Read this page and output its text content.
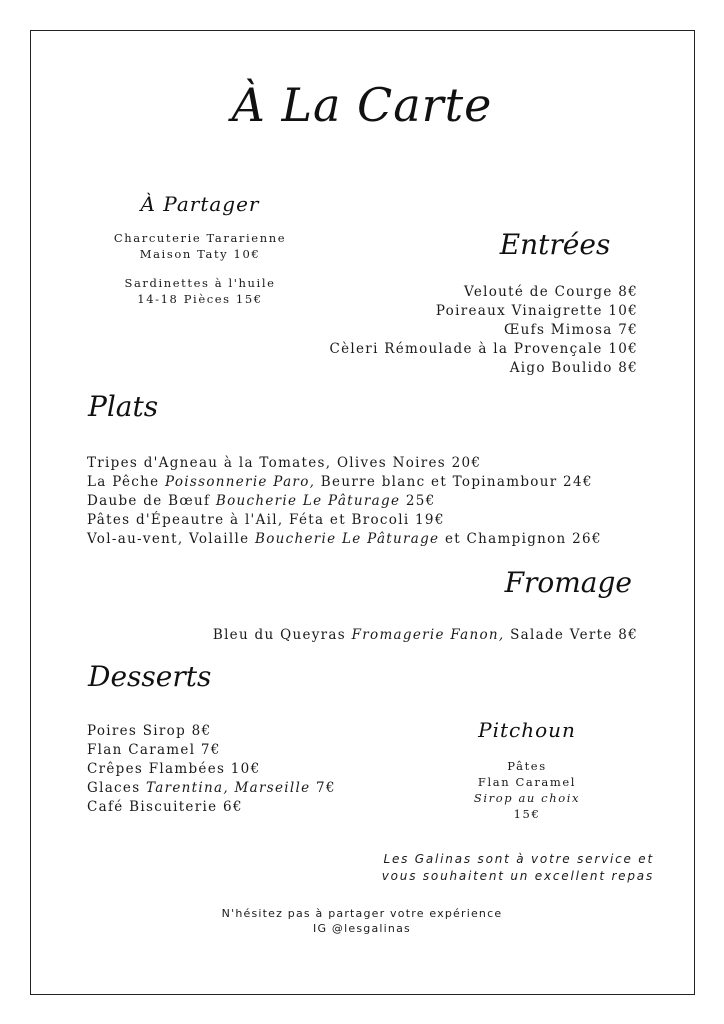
À La Carte
À Partager
Charcuterie Tararienne
Maison Taty 10€
Sardinettes à l'huile
14-18 Pièces 15€
Entrées
Velouté de Courge 8€
Poireaux Vinaigrette 10€
Œufs Mimosa 7€
Cèleri Rémoulade à la Provençale 10€
Aigo Boulido 8€
Plats
Tripes d'Agneau à la Tomates, Olives Noires 20€
La Pêche Poissonnerie Paro, Beurre blanc et Topinambour 24€
Daube de Bœuf Boucherie Le Pâturage 25€
Pâtes d'Épeautre à l'Ail, Féta et Brocoli 19€
Vol-au-vent, Volaille Boucherie Le Pâturage et Champignon 26€
Fromage
Bleu du Queyras Fromagerie Fanon, Salade Verte 8€
Desserts
Poires Sirop 8€
Flan Caramel 7€
Crêpes Flambées 10€
Glaces Tarentina, Marseille 7€
Café Biscuiterie 6€
Pitchoun
Pâtes
Flan Caramel
Sirop au choix
15€
Les Galinas sont à votre service et
vous souhaitent un excellent repas
N'hésitez pas à partager votre expérience
IG @lesgalinas
